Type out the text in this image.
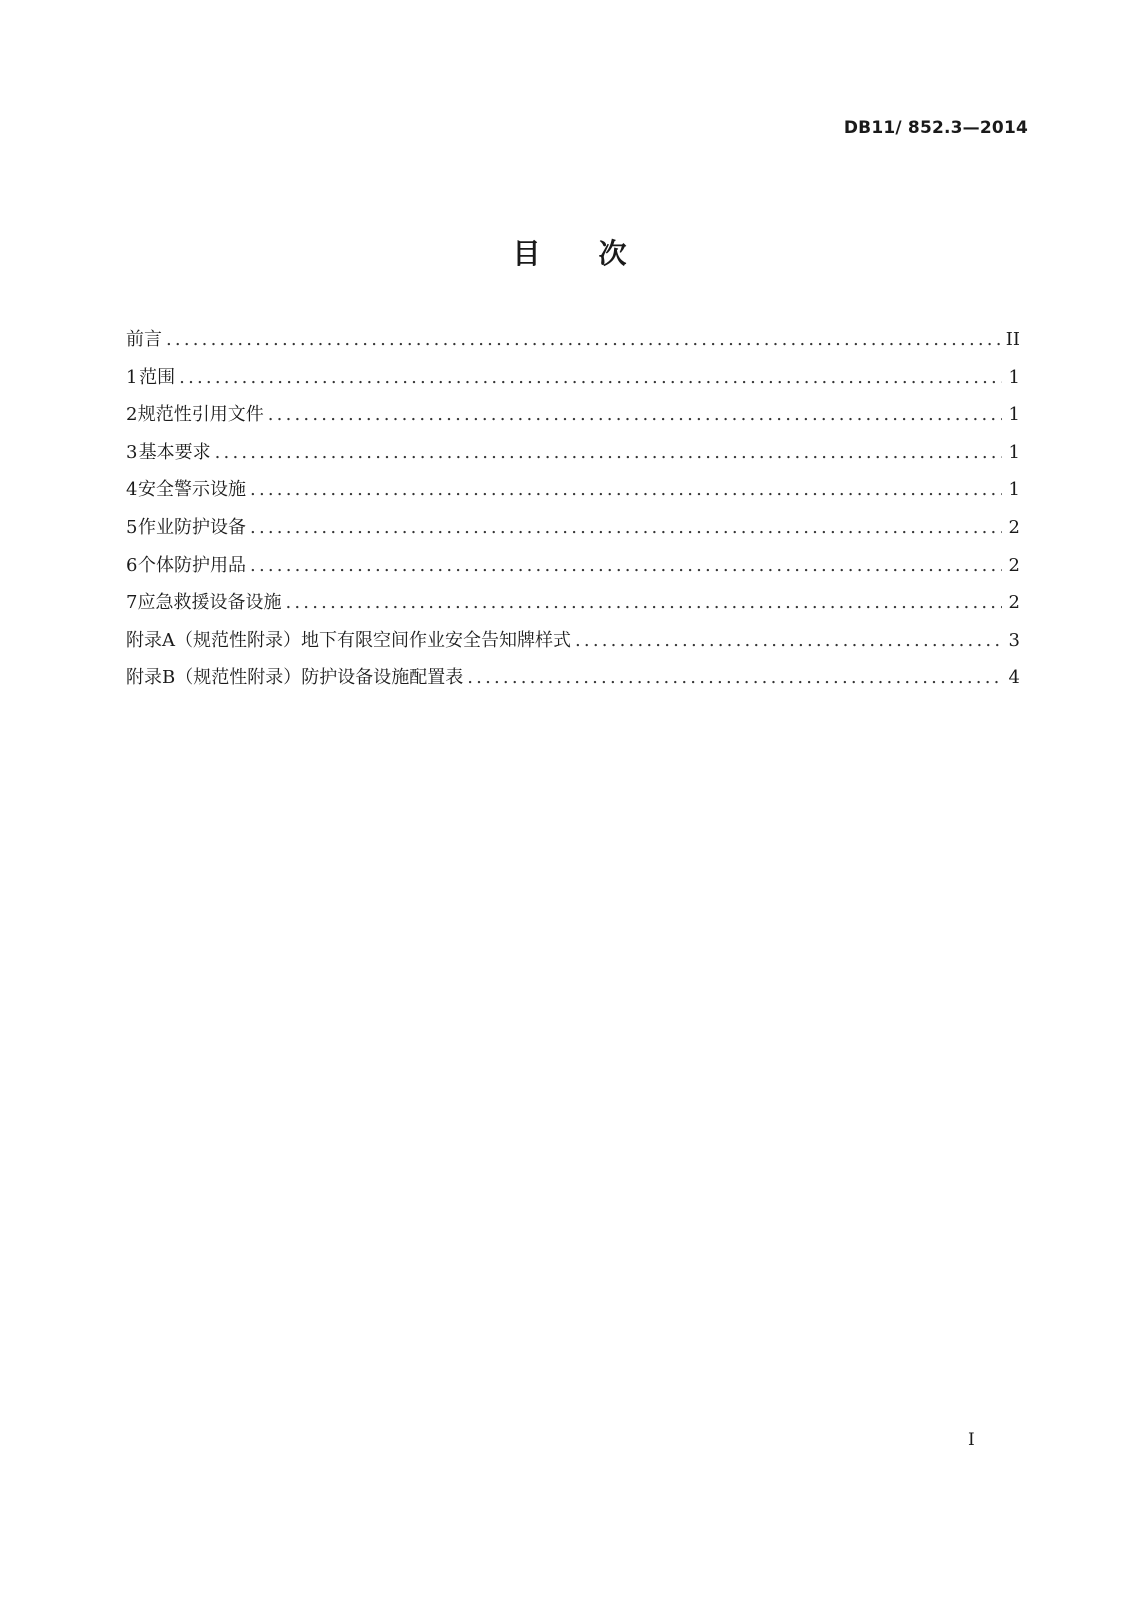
DB11/ 852.3—2014
目 次
前言 .....	II
1 范围 .....	1
2 规范性引用文件 .....	1
3 基本要求 .....	1
4 安全警示设施 .....	1
5 作业防护设备 .....	2
6 个体防护用品 .....	2
7 应急救援设备设施 .....	2
附录A（规范性附录） 地下有限空间作业安全告知牌样式 .....	3
附录B（规范性附录） 防护设备设施配置表 .....	4
I
